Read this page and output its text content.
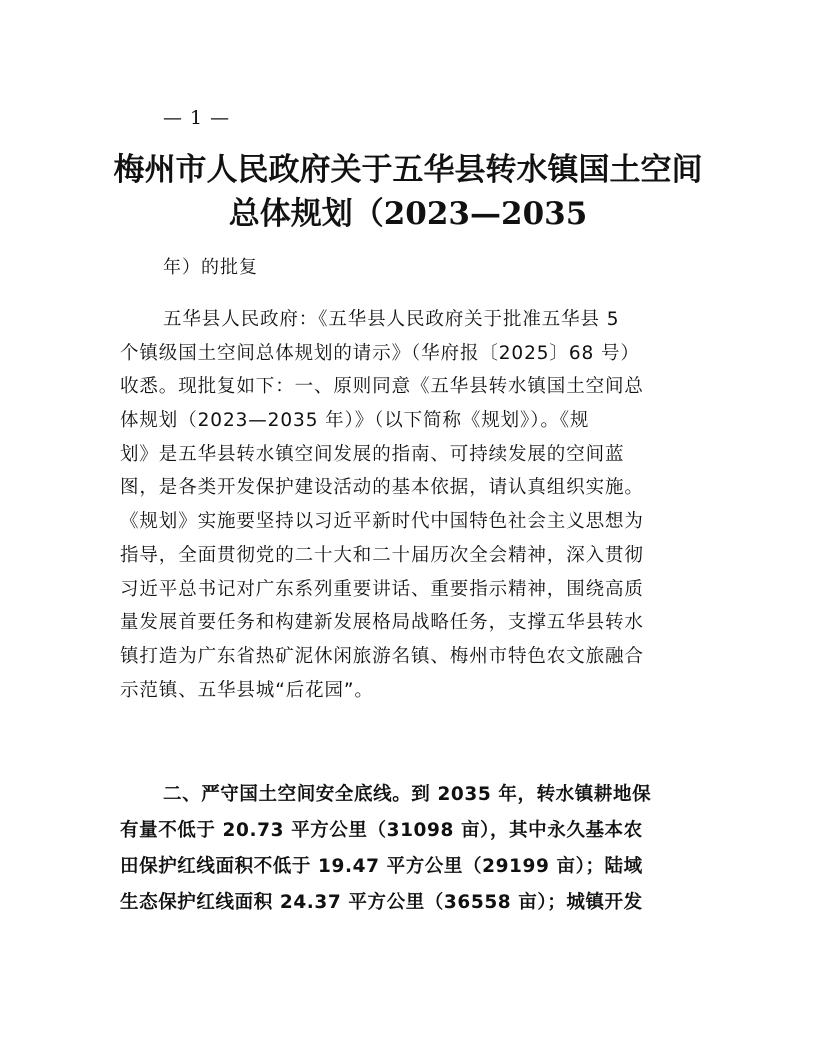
— 1 —
梅州市人民政府关于五华县转水镇国土空间
总体规划（2023—2035
年）的批复
五华县人民政府：《五华县人民政府关于批准五华县 5
个镇级国土空间总体规划的请示》（华府报〔2025〕68 号）
收悉。现批复如下：一、原则同意《五华县转水镇国土空间总
体规划（2023—2035 年）》（以下简称《规划》）。《规
划》是五华县转水镇空间发展的指南、可持续发展的空间蓝
图，是各类开发保护建设活动的基本依据，请认真组织实施。
《规划》实施要坚持以习近平新时代中国特色社会主义思想为
指导，全面贯彻党的二十大和二十届历次全会精神，深入贯彻
习近平总书记对广东系列重要讲话、重要指示精神，围绕高质
量发展首要任务和构建新发展格局战略任务，支撑五华县转水
镇打造为广东省热矿泥休闲旅游名镇、梅州市特色农文旅融合
示范镇、五华县城“后花园”。
二、严守国土空间安全底线。到 2035 年，转水镇耕地保
有量不低于 20.73 平方公里（31098 亩），其中永久基本农
田保护红线面积不低于 19.47 平方公里（29199 亩）；陆域
生态保护红线面积 24.37 平方公里（36558 亩）；城镇开发
